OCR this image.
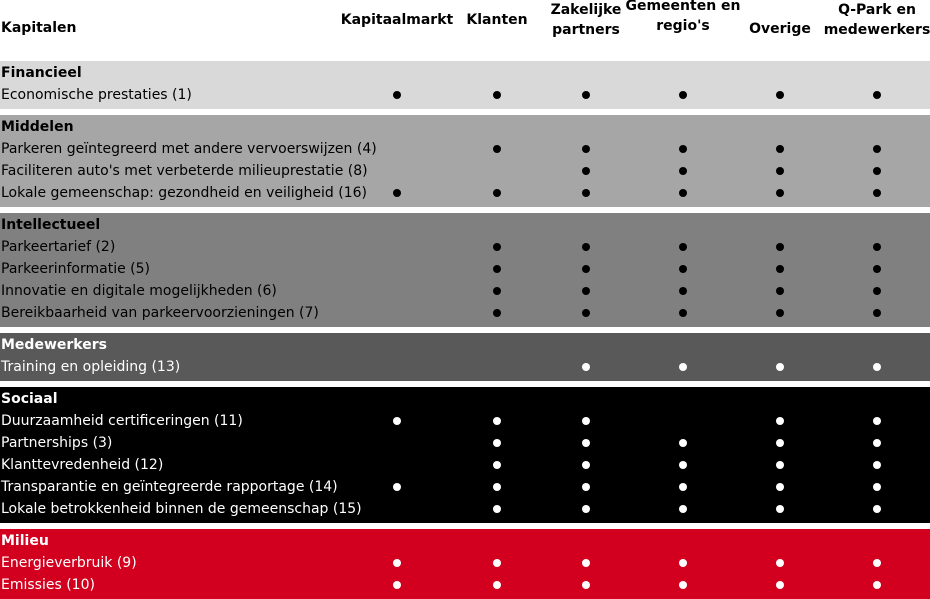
Kapitalen	Kapitaalmarkt Klanten
Zakelijke
partners
Gemeenten en
regio's	Overige
Q-Park en
medewerkers
Financieel
Economische prestaties (1)
Middelen
Parkeren geïntegreerd met andere vervoerswijzen (4)
Faciliteren auto's met verbeterde milieuprestatie (8)
Lokale gemeenschap: gezondheid en veiligheid (16)
Intellectueel
Parkeertarief (2)
Parkeerinformatie (5)
Innovatie en digitale mogelijkheden (6)
Bereikbaarheid van parkeervoorzieningen (7)
Medewerkers
Training en opleiding (13)
Sociaal
Duurzaamheid certificeringen (11)
Partnerships (3)
Klanttevredenheid (12)
Transparantie en geïntegreerde rapportage (14)
Lokale betrokkenheid binnen de gemeenschap (15)
Milieu
Energieverbruik (9)
Emissies (10)
